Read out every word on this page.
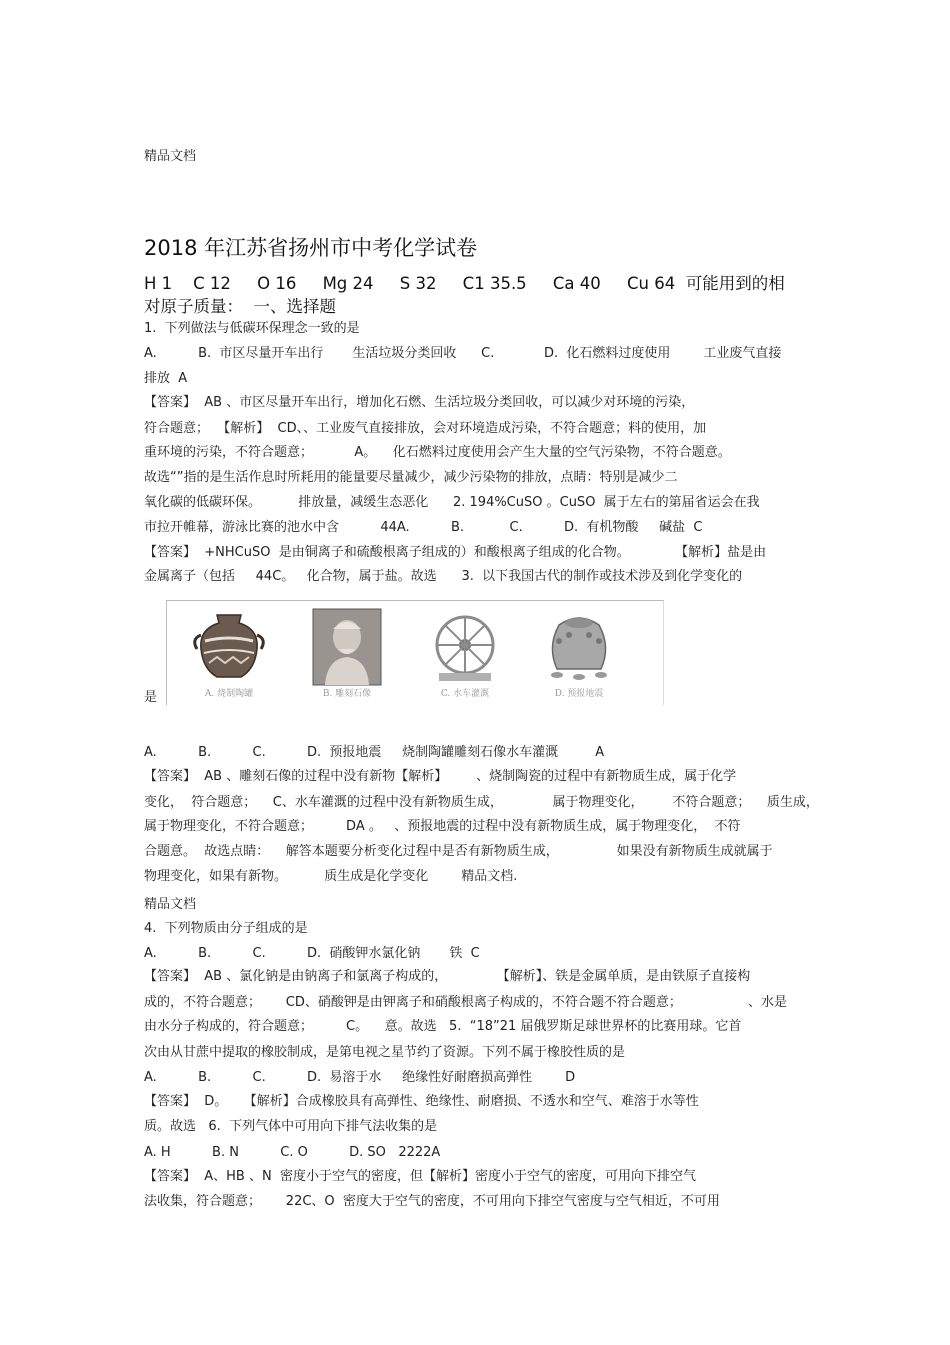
精品文档
2018 年江苏省扬州市中考化学试卷
H 1    C 12     O 16     Mg 24     S 32     C1 35.5     Ca 40     Cu 64  可能用到的相
对原子质量：  一、选择题
1.  下列做法与低碳环保理念一致的是
A.          B.  市区尽量开车出行       生活垃圾分类回收      C.            D.  化石燃料过度使用        工业废气直接
排放  A
【答案】  AB 、市区尽量开车出行，增加化石燃、生活垃圾分类回收，可以减少对环境的污染，
符合题意；  【解析】  CD、、工业废气直接排放，会对环境造成污染，不符合题意；料的使用，加
重环境的污染，不符合题意；          A。    化石燃料过度使用会产生大量的空气污染物，不符合题意。
故选“”指的是生活作息时所耗用的能量要尽量减少，减少污染物的排放，点睛：特别是减少二
氧化碳的低碳环保。         排放量，减缓生态恶化      2. 194%CuSO 。CuSO  属于左右的第届省运会在我
市拉开帷幕，游泳比赛的池水中含          44A.          B.           C.          D.  有机物酸     碱盐  C
【答案】  +NHCuSO  是由铜离子和硫酸根离子组成的）和酸根离子组成的化合物。           【解析】盐是由
金属离子（包括     44C。   化合物，属于盐。故选      3.  以下我国古代的制作或技术涉及到化学变化的
是	A. 烧制陶罐	B. 雕刻石像	C. 水车灌溉	D. 预报地震
A.          B.          C.          D.  预报地震     烧制陶罐雕刻石像水车灌溉         A
【答案】  AB 、雕刻石像的过程中没有新物【解析】       、烧制陶瓷的过程中有新物质生成，属于化学
变化，  符合题意；    C、水车灌溉的过程中没有新物质生成，            属于物理变化，       不符合题意；    质生成，
属于物理变化，不符合题意；        DA 。   、预报地震的过程中没有新物质生成，属于物理变化，  不符
合题意。  故选点睛：    解答本题要分析变化过程中是否有新物质生成，              如果没有新物质生成就属于
物理变化，如果有新物。         质生成是化学变化        精品文档.
精品文档
4.  下列物质由分子组成的是
A.          B.          C.          D.  硝酸钾水氯化钠       铁  C
【答案】  AB 、氯化钠是由钠离子和氯离子构成的，            【解析】、铁是金属单质，是由铁原子直接构
成的，不符合题意；      CD、硝酸钾是由钾离子和硝酸根离子构成的，不符合题不符合题意；                、水是
由水分子构成的，符合题意；        C。    意。故选   5.  “18”21 届俄罗斯足球世界杯的比赛用球。它首
次由从甘蔗中提取的橡胶制成，是第电视之星节约了资源。下列不属于橡胶性质的是
A.          B.          C.          D.  易溶于水     绝缘性好耐磨损高弹性        D
【答案】  D。    【解析】合成橡胶具有高弹性、绝缘性、耐磨损、不透水和空气、难溶于水等性
质。故选   6.  下列气体中可用向下排气法收集的是
A. H          B. N          C. O          D. SO   2222A
【答案】  A、HB 、N  密度小于空气的密度，但【解析】密度小于空气的密度，可用向下排空气
法收集，符合题意；      22C、O  密度大于空气的密度，不可用向下排空气密度与空气相近，不可用
